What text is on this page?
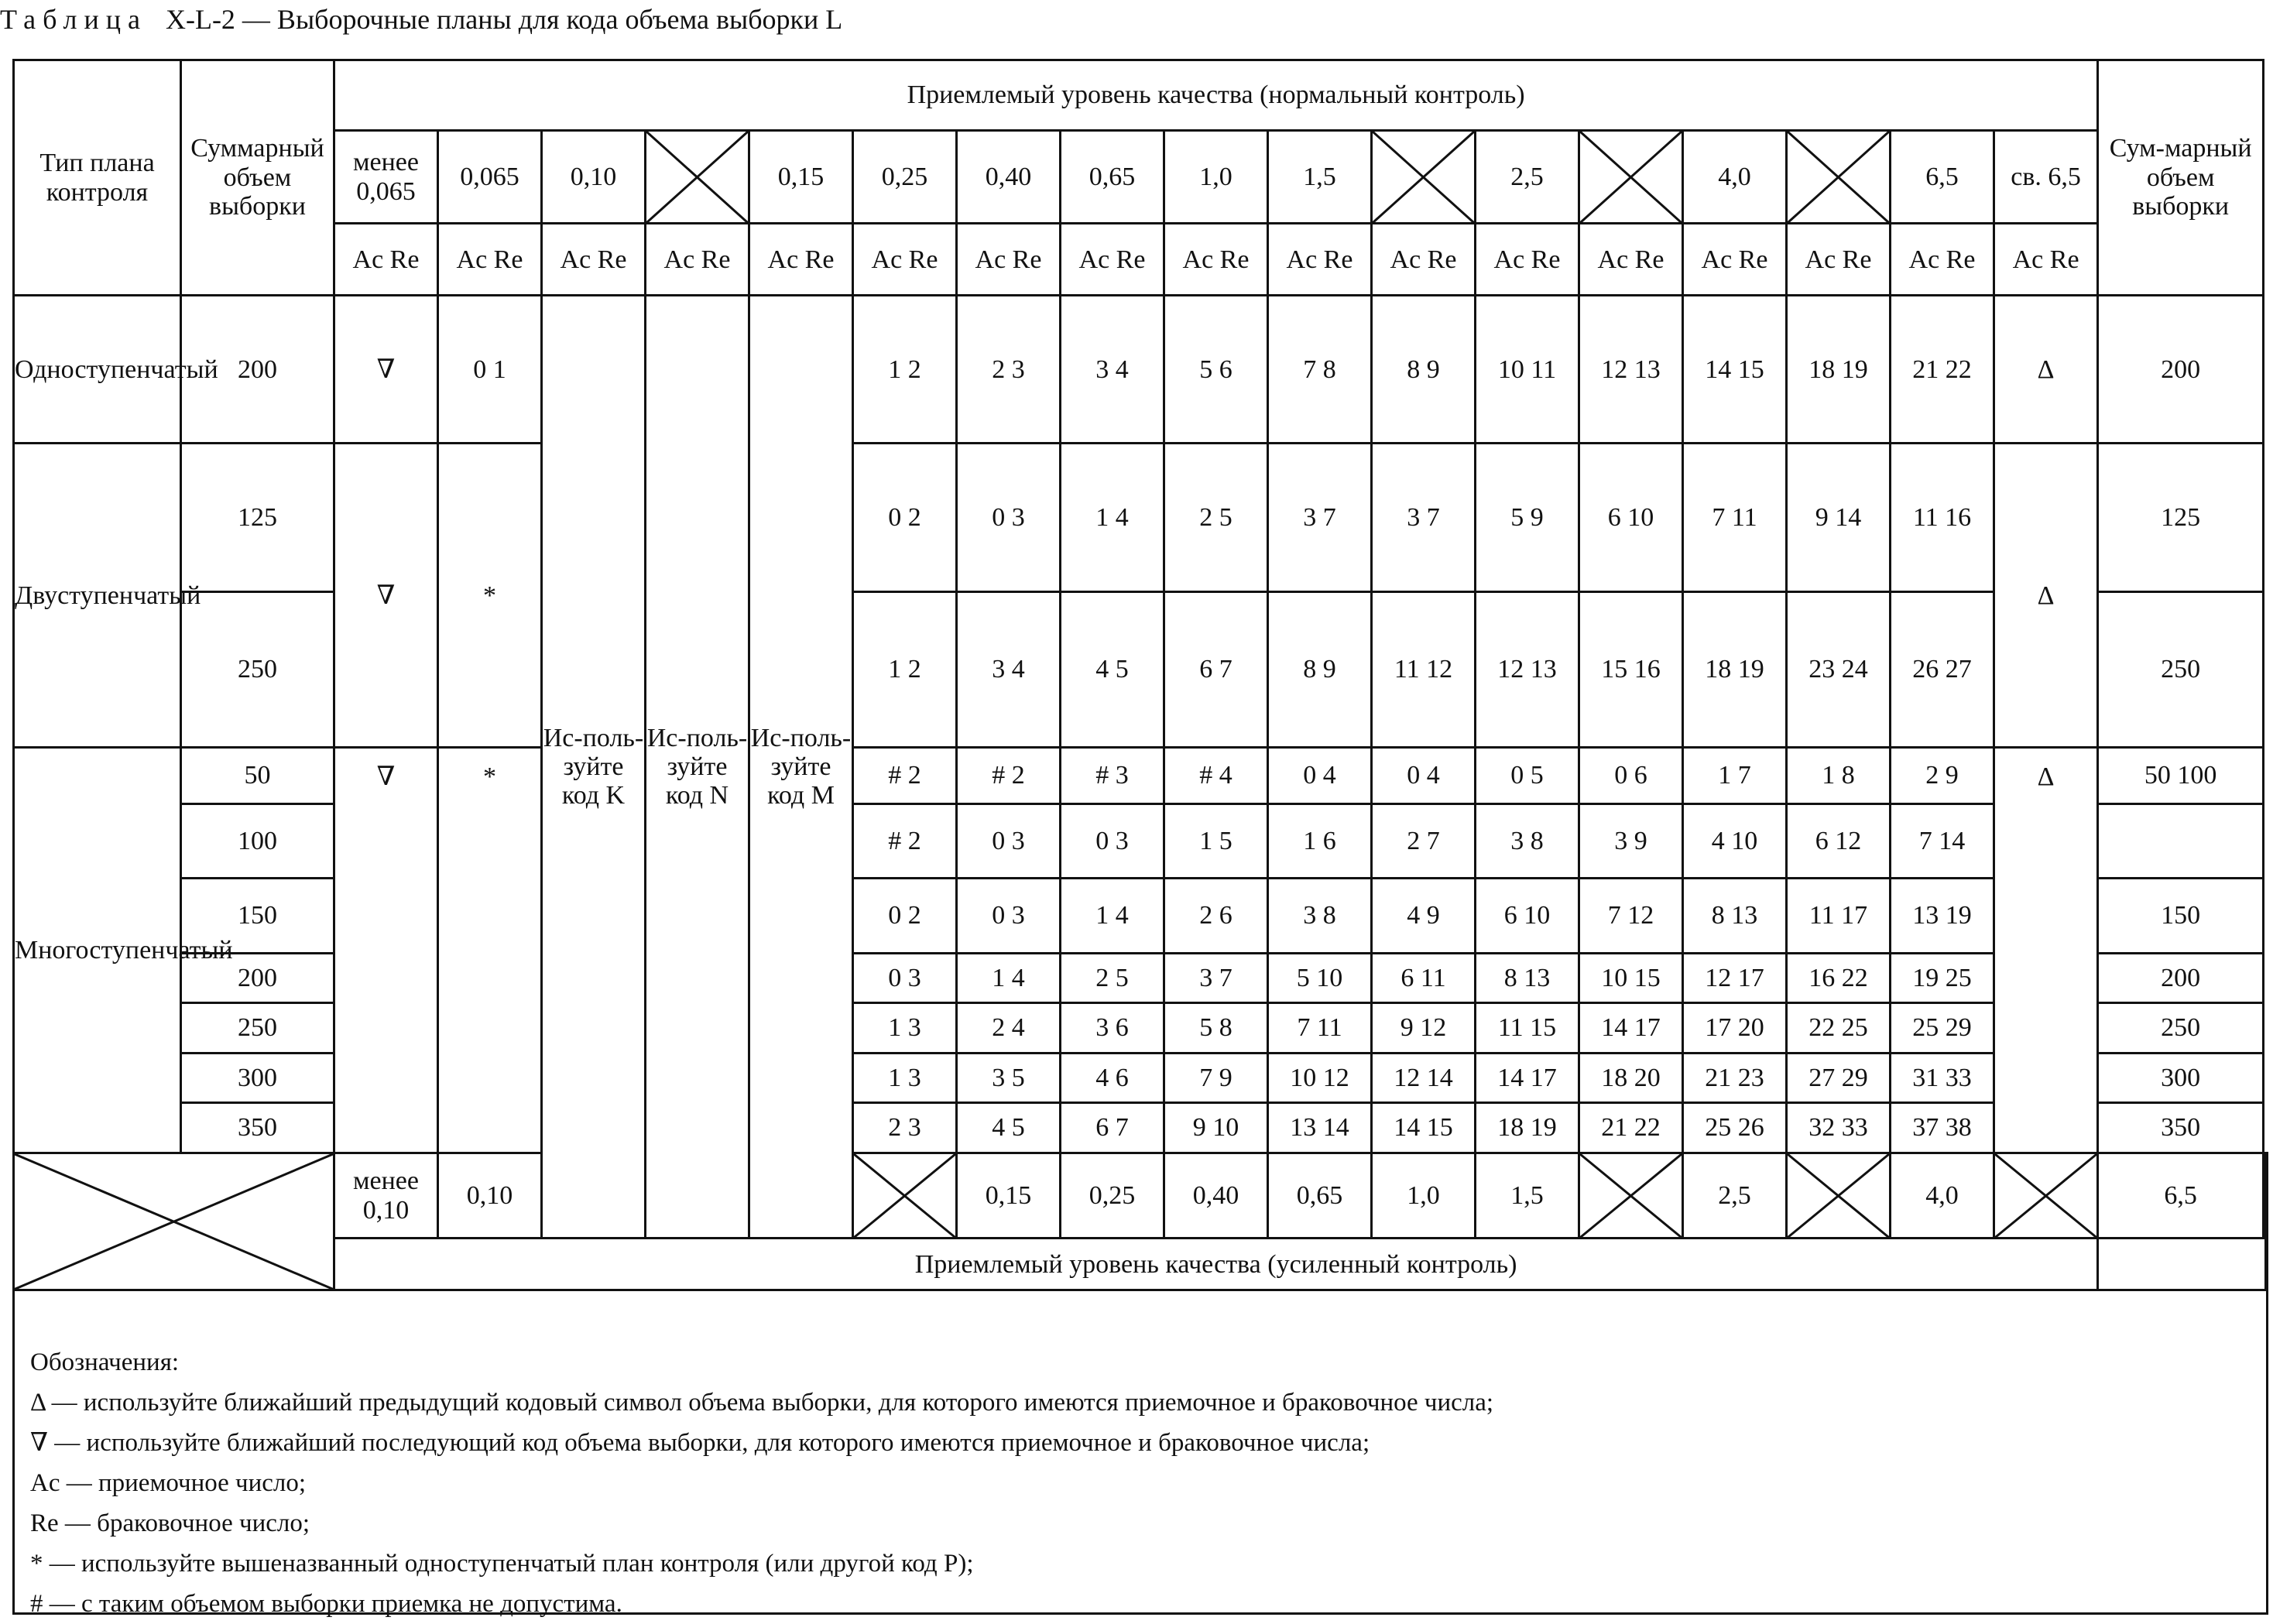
Таблица X-L-2 — Выборочные планы для кода объема выборки L
Тип плана контроля	Суммарный объем выборки	Приемлемый уровень качества (нормальный контроль)																	Сум-марный объем выборки		
		менее 0,065	0,065	0,10		0,15	0,25	0,40	0,65	1,0	1,5		2,5		4,0		6,5	св. 6,5			
		Ac Re	Ac Re	Ac Re	Ac Re	Ac Re	Ac Re	Ac Re	Ac Re	Ac Re	Ac Re	Ac Re	Ac Re	Ac Re	Ac Re	Ac Re	Ac Re	Ac Re			
Одноступенчатый	200	∇	0 1	Ис-поль-зуйте код K	Ис-поль-зуйте код N	Ис-поль-зуйте код M	1 2	2 3	3 4	5 6	7 8	8 9	10 11	12 13	14 15	18 19	21 22	Δ	200		
Двуступенчатый	125	∇	*				0 2	0 3	1 4	2 5	3 7	3 7	5 9	6 10	7 11	9 14	11 16	Δ	125		
	250						1 2	3 4	4 5	6 7	8 9	11 12	12 13	15 16	18 19	23 24	26 27		250		
Многоступенчатый	50	∇	*				# 2	# 2	# 3	# 4	0 4	0 4	0 5	0 6	1 7	1 8	2 9	Δ	50 100		
	100						# 2	0 3	0 3	1 5	1 6	2 7	3 8	3 9	4 10	6 12	7 14				
	150						0 2	0 3	1 4	2 6	3 8	4 9	6 10	7 12	8 13	11 17	13 19		150		
	200						0 3	1 4	2 5	3 7	5 10	6 11	8 13	10 15	12 17	16 22	19 25		200		
	250						1 3	2 4	3 6	5 8	7 11	9 12	11 15	14 17	17 20	22 25	25 29		250		
	300						1 3	3 5	4 6	7 9	10 12	12 14	14 17	18 20	21 23	27 29	31 33		300		
	350						2 3	4 5	6 7	9 10	13 14	14 15	18 19	21 22	25 26	32 33	37 38		350		

	менее 0,10	0,10					0,15	0,25	0,40	0,65	1,0	1,5		2,5		4,0		6,5	

		Приемлемый уровень качества (усиленный контроль)																			
Обозначения:
Δ — используйте ближайший предыдущий кодовый символ объема выборки, для которого имеются приемочное и браковочное числа;
∇ — используйте ближайший последующий код объема выборки, для которого имеются приемочное и браковочное числа;
Ac — приемочное число;
Re — браковочное число;
* — используйте вышеназванный одноступенчатый план контроля (или другой код P);
# — с таким объемом выборки приемка не допустима.
